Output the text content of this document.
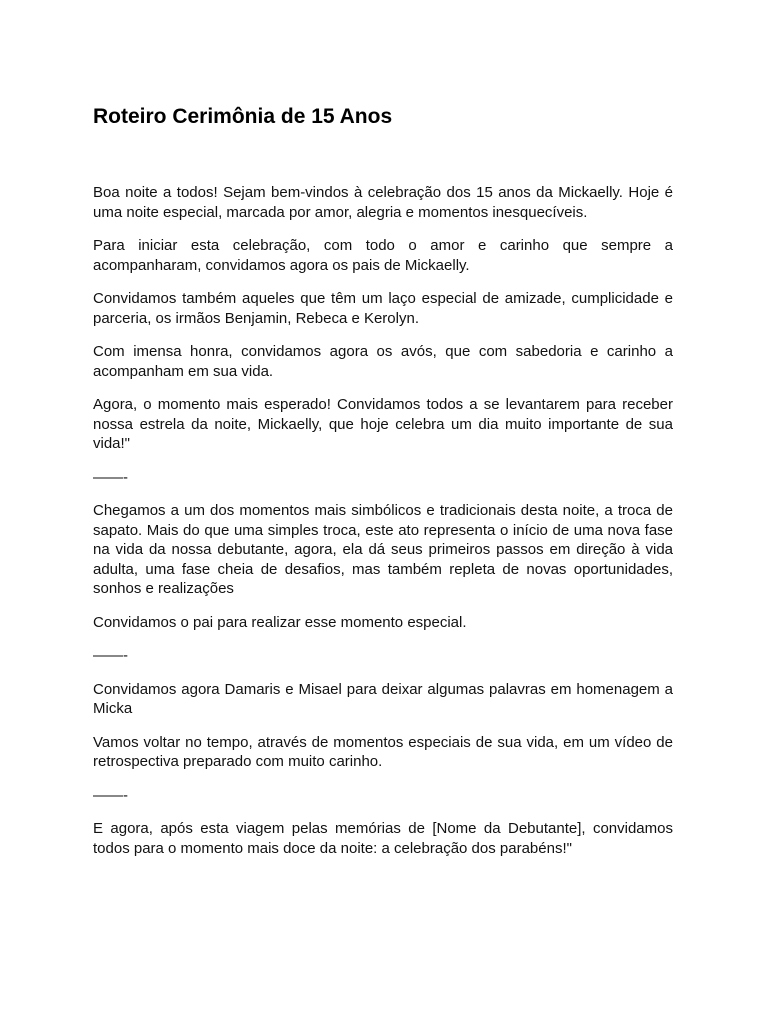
Roteiro Cerimônia de 15 Anos

Boa noite a todos! Sejam bem-vindos à celebração dos 15 anos da Mickaelly. Hoje é uma noite especial, marcada por amor, alegria e momentos inesquecíveis.

Para iniciar esta celebração, com todo o amor e carinho que sempre a acompanharam, convidamos agora os pais de Mickaelly.

Convidamos também aqueles que têm um laço especial de amizade, cumplicidade e parceria, os irmãos Benjamin, Rebeca e Kerolyn.

Com imensa honra, convidamos agora os avós, que com sabedoria e carinho a acompanham em sua vida.

Agora, o momento mais esperado! Convidamos todos a se levantarem para receber nossa estrela da noite, Mickaelly, que hoje celebra um dia muito importante de sua vida!"

——-

Chegamos a um dos momentos mais simbólicos e tradicionais desta noite, a troca de sapato. Mais do que uma simples troca, este ato representa o início de uma nova fase na vida da nossa debutante, agora, ela dá seus primeiros passos em direção à vida adulta, uma fase cheia de desafios, mas também repleta de novas oportunidades, sonhos e realizações

Convidamos o pai para realizar esse momento especial.

——-

Convidamos agora Damaris e Misael para deixar algumas palavras em homenagem a Micka

Vamos voltar no tempo, através de momentos especiais de sua vida, em um vídeo de retrospectiva preparado com muito carinho.

——-

E agora, após esta viagem pelas memórias de [Nome da Debutante], convidamos todos para o momento mais doce da noite: a celebração dos parabéns!"
